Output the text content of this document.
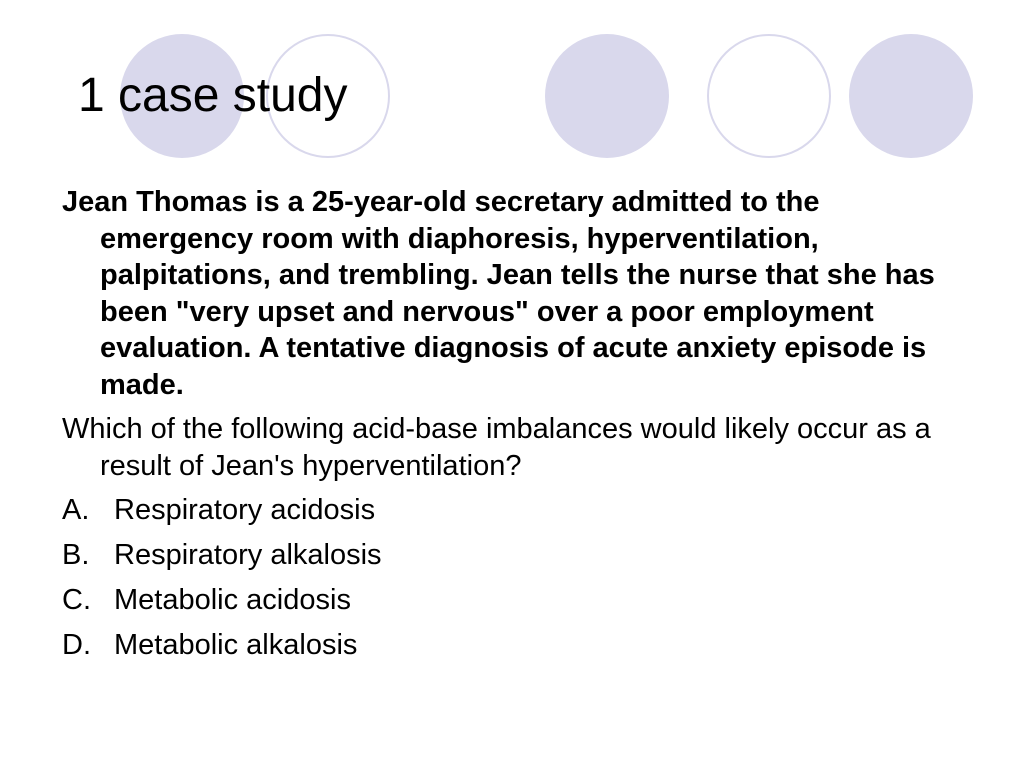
1 case study

Jean Thomas is a 25-year-old secretary admitted to the emergency room with diaphoresis, hyperventilation, palpitations, and trembling. Jean tells the nurse that she has been "very upset and nervous" over a poor employment evaluation. A tentative diagnosis of acute anxiety episode is made.

Which of the following acid-base imbalances would likely occur as a result of Jean's hyperventilation?

A. Respiratory acidosis
B. Respiratory alkalosis
C. Metabolic acidosis
D. Metabolic alkalosis
